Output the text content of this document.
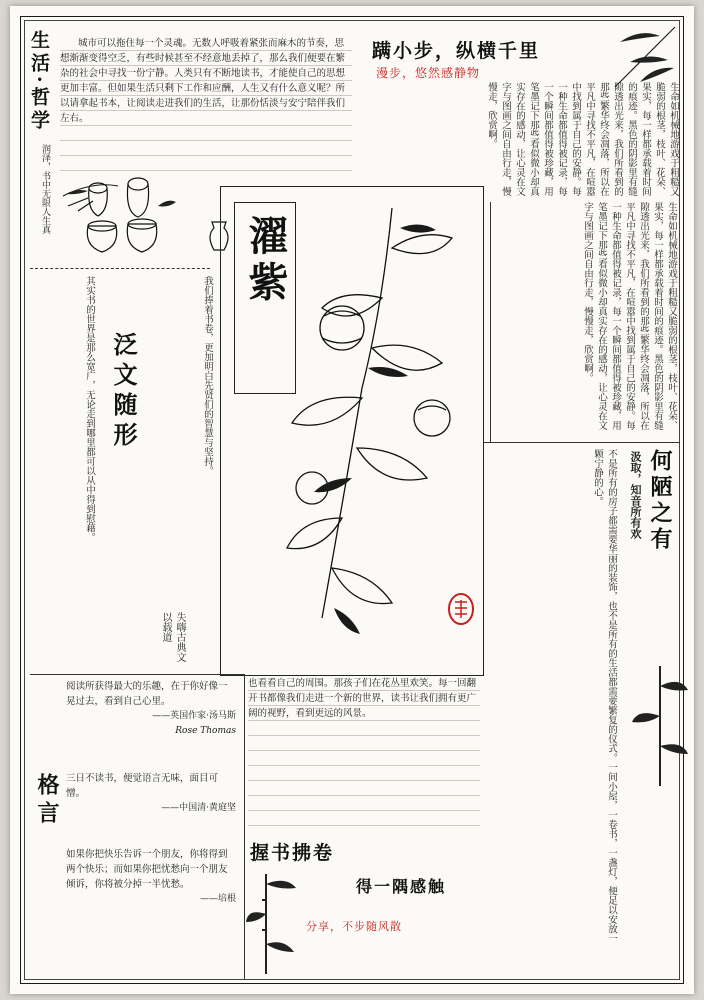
生活·哲学
润泽，书中无限人生真
城市可以拖住每一个灵魂。无数人呼吸着紧张而麻木的节奏，思想渐渐变得空乏，有些时候甚至不经意地丢掉了，那么我们便要在繁杂的社会中寻找一份宁静。人类只有不断地读书，才能使自己的思想更加丰富。但如果生活只剩下工作和应酬，人生又有什么意义呢？所以请拿起书本，让阅读走进我们的生活，让那份恬淡与安宁陪伴我们左右。
蹒小步，纵横千里
漫步，悠然感静物
生命如机械地游戏于粗糙又脆弱的根茎，枝叶、花朵、果实，每一样都承载着时间的痕迹。黑色的阴影里有缝隙透出光来，我们所看到的那些繁华终会凋落，所以在平凡中寻找不平凡，在喧嚣中找到属于自己的安静。每一种生命都值得被记录，每一个瞬间都值得被珍藏，用笔墨记下那些看似微小却真实存在的感动，让心灵在文字与图画之间自由行走，慢慢走，欣赏啊。
生命如机械地游戏于粗糙又脆弱的根茎，枝叶、花朵、果实，每一样都承载着时间的痕迹。黑色的阴影里有缝隙透出光来，我们所看到的那些繁华终会凋落，所以在平凡中寻找不平凡，在喧嚣中找到属于自己的安静。每一种生命都值得被记录，每一个瞬间都值得被珍藏，用笔墨记下那些看似微小却真实存在的感动，让心灵在文字与图画之间自由行走，慢慢走，欣赏啊。
濯紫
我们捧着书卷，更加明白先贤们的智慧与坚持。
泛文随形
失嗨古典文以载道
其实书的世界是那么宽广，无论走到哪里都可以从中得到慰藉。	何陋之有
汲取，知音所有欢
不是所有的房子都需要华丽的装饰，也不是所有的生活都需要繁复的仪式。一间小屋，一卷书，一盏灯，便足以安放一颗宁静的心。
格言
阅读所获得最大的乐趣，在于你好像一晃过去，看到自己心里。
——英国作家·汤马斯
Rose Thomas
三日不读书，便觉语言无味，面目可憎。
——中国清·黄庭坚
如果你把快乐告诉一个朋友，你将得到两个快乐；而如果你把忧愁向一个朋友倾诉，你将被分掉一半忧愁。
——培根
也看看自己的周围。那孩子们在花丛里欢笑。每一回翻开书都像我们走进一个新的世界，读书让我们拥有更广阔的视野，看到更远的风景。
握书拂卷
得一隅感触
分享，不步随风散
